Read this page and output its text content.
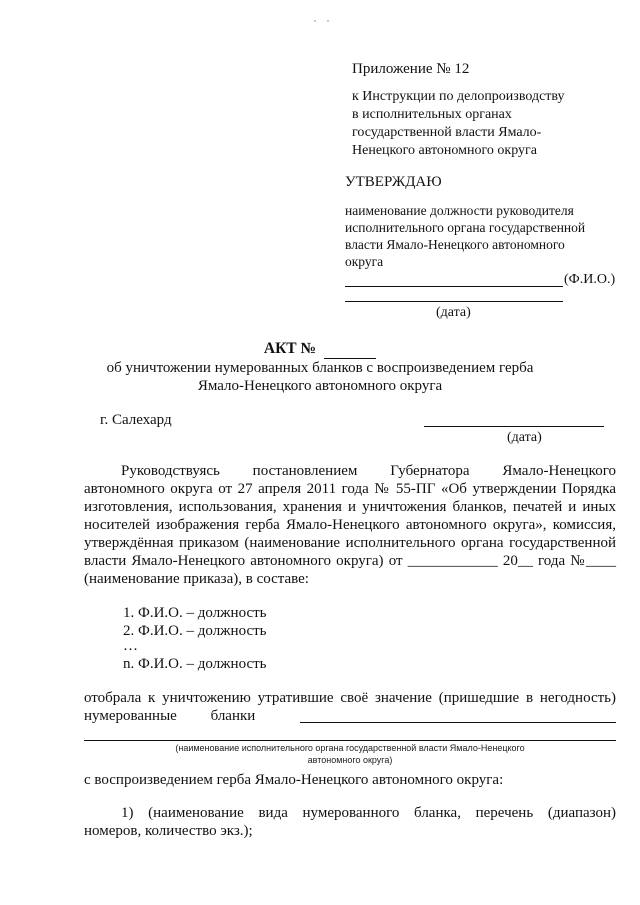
Приложение № 12
к Инструкции по делопроизводству
в исполнительных органах
государственной власти Ямало-
Ненецкого автономного округа
УТВЕРЖДАЮ
наименование должности руководителя
исполнительного органа государственной
власти Ямало-Ненецкого автономного
округа
(Ф.И.О.)
(дата)
АКТ №
об уничтожении нумерованных бланков с воспроизведением герба
Ямало-Ненецкого автономного округа
г. Салехард
(дата)
Руководствуясь постановлением Губернатора Ямало-Ненецкого
автономного округа от 27 апреля 2011 года № 55-ПГ «Об утверждении Порядка
изготовления, использования, хранения и уничтожения бланков, печатей и иных
носителей изображения герба Ямало-Ненецкого автономного округа», комиссия,
утверждённая приказом (наименование исполнительного органа государственной
власти Ямало-Ненецкого автономного округа) от ____________ 20__ года №____
(наименование приказа), в составе:
1. Ф.И.О. – должность
2. Ф.И.О. – должность
…
n. Ф.И.О. – должность
отобрала к уничтожению утратившие своё значение (пришедшие в негодность)
нумерованные         бланки
(наименование исполнительного органа государственной власти Ямало-Ненецкого
автономного округа)
с воспроизведением герба Ямало-Ненецкого автономного округа:
1) (наименование вида нумерованного бланка, перечень (диапазон)
номеров, количество экз.);
